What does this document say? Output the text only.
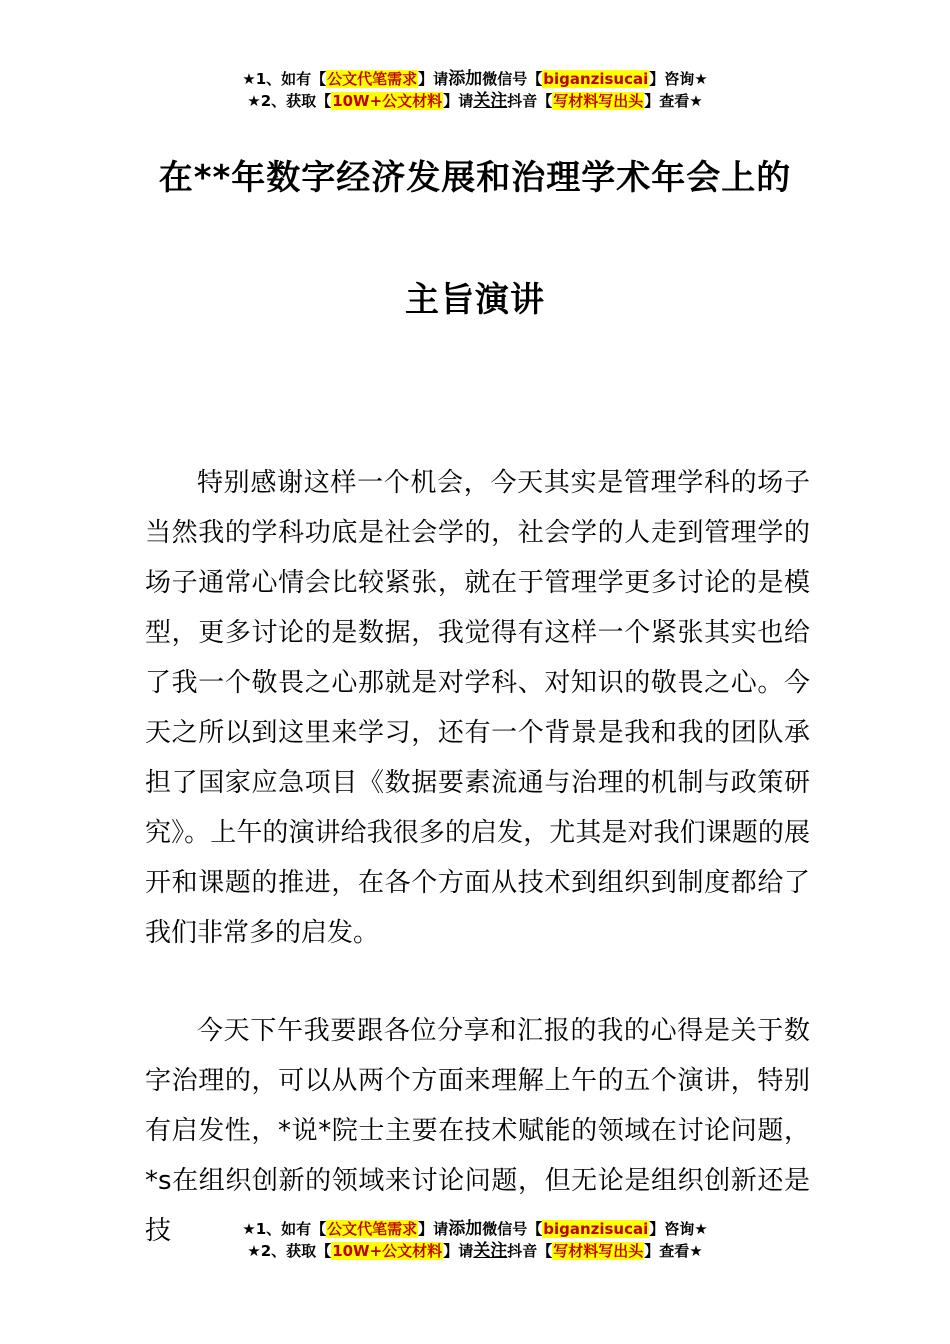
★1、如有【公文代笔需求】请添加微信号【biganzisucai】咨询★
★2、获取【10W+公文材料】请关注抖音【写材料写出头】查看★
在**年数字经济发展和治理学术年会上的
主旨演讲

特别感谢这样一个机会，今天其实是管理学科的场子当然我的学科功底是社会学的，社会学的人走到管理学的场子通常心情会比较紧张，就在于管理学更多讨论的是模型，更多讨论的是数据，我觉得有这样一个紧张其实也给了我一个敬畏之心那就是对学科、对知识的敬畏之心。今天之所以到这里来学习，还有一个背景是我和我的团队承担了国家应急项目《数据要素流通与治理的机制与政策研究》。上午的演讲给我很多的启发，尤其是对我们课题的展开和课题的推进，在各个方面从技术到组织到制度都给了我们非常多的启发。

今天下午我要跟各位分享和汇报的我的心得是关于数字治理的，可以从两个方面来理解上午的五个演讲，特别有启发性，*说*院士主要在技术赋能的领域在讨论问题，*s在组织创新的领域来讨论问题，但无论是组织创新还是技	★1、如有【公文代笔需求】请添加微信号【biganzisucai】咨询★
★2、获取【10W+公文材料】请关注抖音【写材料写出头】查看★
